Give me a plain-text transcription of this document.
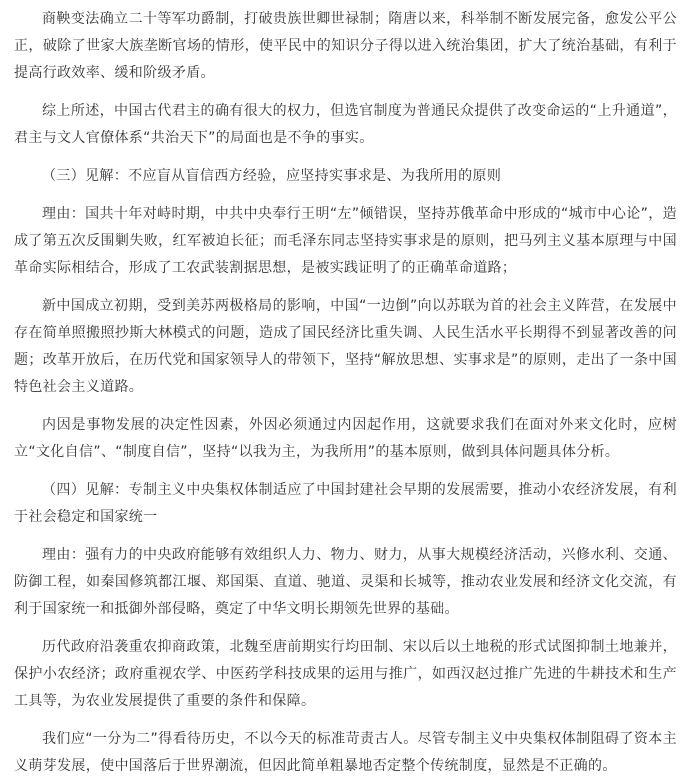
商鞅变法确立二十等军功爵制，打破贵族世卿世禄制；隋唐以来，科举制不断发展完备，愈发公平公正，破除了世家大族垄断官场的情形，使平民中的知识分子得以进入统治集团，扩大了统治基础，有利于提高行政效率、缓和阶级矛盾。

综上所述，中国古代君主的确有很大的权力，但选官制度为普通民众提供了改变命运的“上升通道”，君主与文人官僚体系“共治天下”的局面也是不争的事实。

（三）见解：不应盲从盲信西方经验，应坚持实事求是、为我所用的原则

理由：国共十年对峙时期，中共中央奉行王明“左”倾错误，坚持苏俄革命中形成的“城市中心论”，造成了第五次反围剿失败，红军被迫长征；而毛泽东同志坚持实事求是的原则，把马列主义基本原理与中国革命实际相结合，形成了工农武装割据思想，是被实践证明了的正确革命道路；

新中国成立初期，受到美苏两极格局的影响，中国“一边倒”向以苏联为首的社会主义阵营，在发展中存在简单照搬照抄斯大林模式的问题，造成了国民经济比重失调、人民生活水平长期得不到显著改善的问题；改革开放后，在历代党和国家领导人的带领下，坚持“解放思想、实事求是”的原则，走出了一条中国特色社会主义道路。

内因是事物发展的决定性因素，外因必须通过内因起作用，这就要求我们在面对外来文化时，应树立“文化自信”、“制度自信”，坚持“以我为主，为我所用”的基本原则，做到具体问题具体分析。

（四）见解：专制主义中央集权体制适应了中国封建社会早期的发展需要，推动小农经济发展，有利于社会稳定和国家统一

理由：强有力的中央政府能够有效组织人力、物力、财力，从事大规模经济活动，兴修水利、交通、防御工程，如秦国修筑都江堰、郑国渠、直道、驰道、灵渠和长城等，推动农业发展和经济文化交流，有利于国家统一和抵御外部侵略，奠定了中华文明长期领先世界的基础。

历代政府沿袭重农抑商政策，北魏至唐前期实行均田制、宋以后以土地税的形式试图抑制土地兼并，保护小农经济；政府重视农学、中医药学科技成果的运用与推广，如西汉赵过推广先进的牛耕技术和生产工具等，为农业发展提供了重要的条件和保障。

我们应“一分为二”得看待历史，不以今天的标准苛责古人。尽管专制主义中央集权体制阻碍了资本主义萌芽发展，使中国落后于世界潮流，但因此简单粗暴地否定整个传统制度，显然是不正确的。
